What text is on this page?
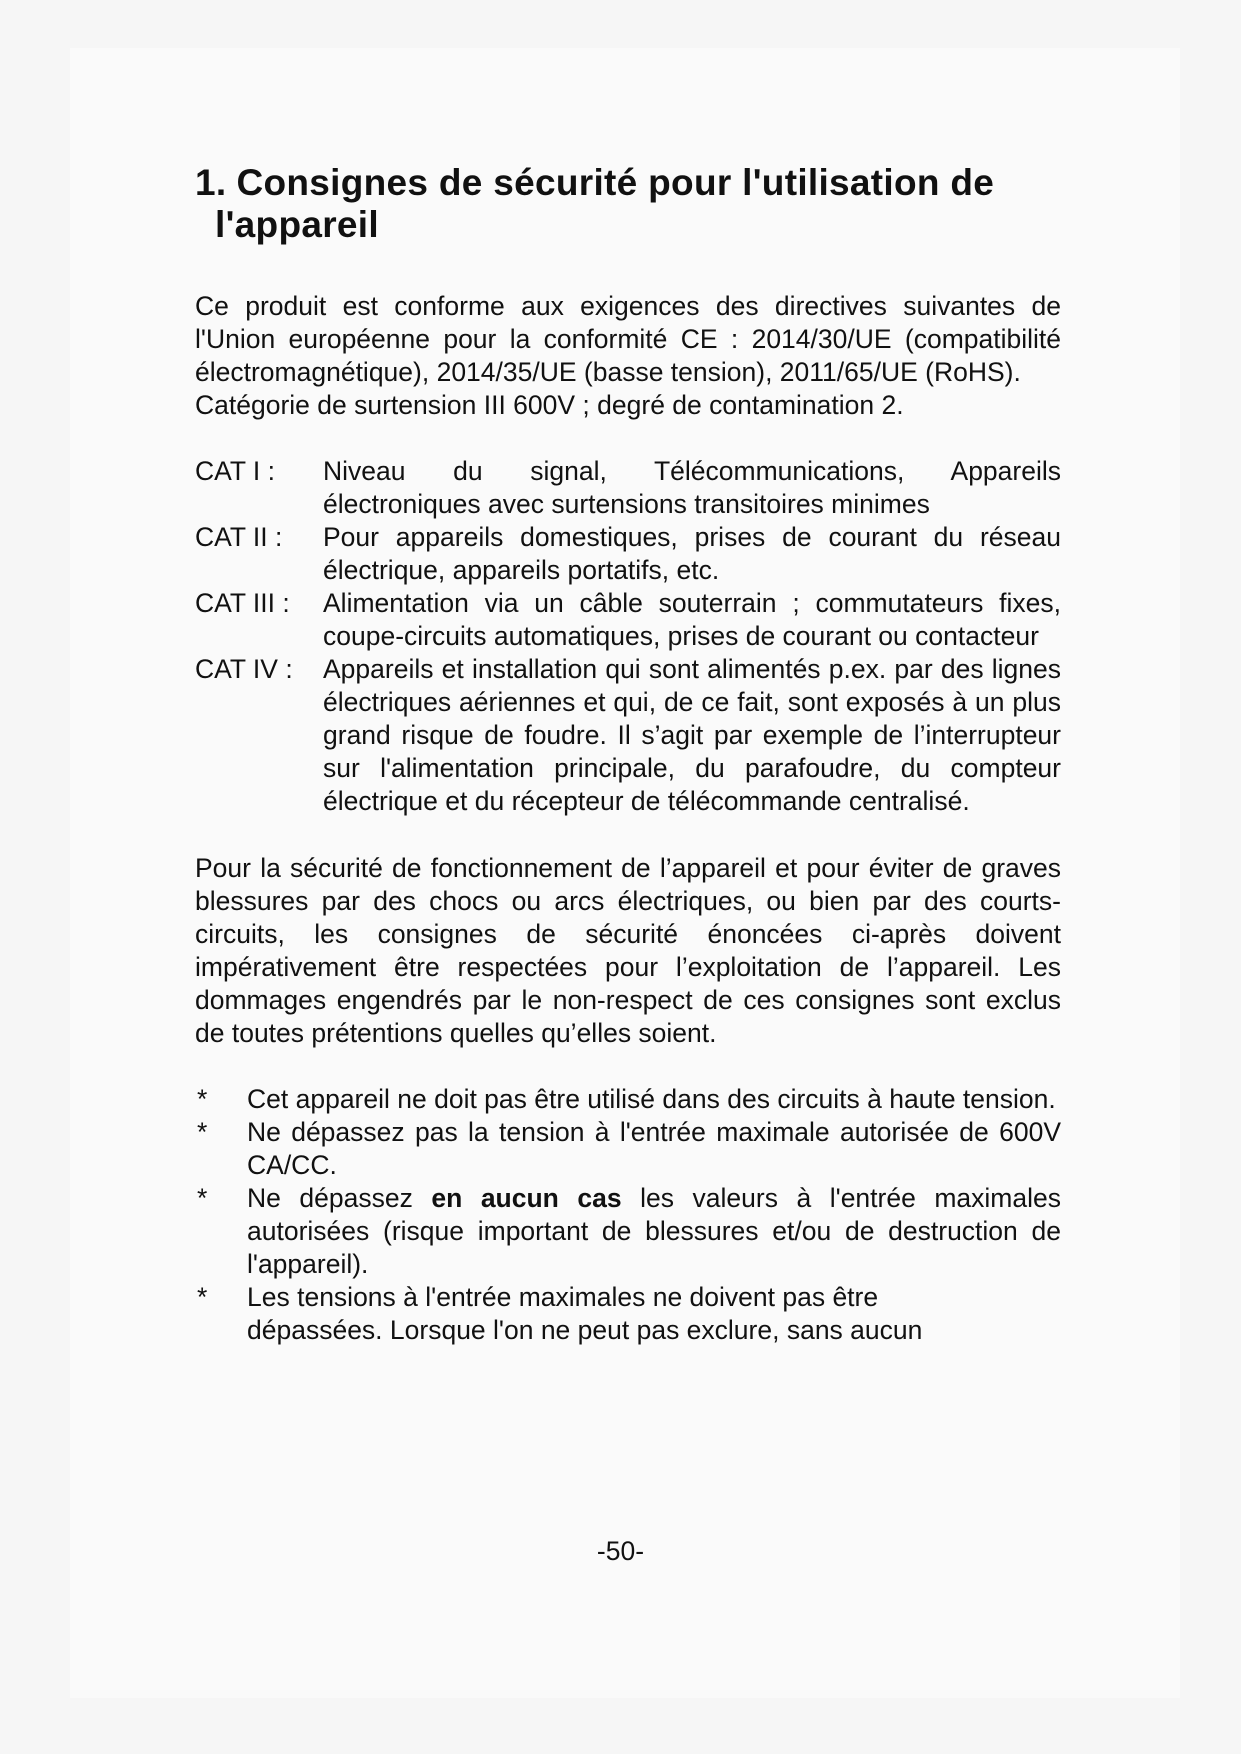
1. Consignes de sécurité pour l'utilisation de
l'appareil

Ce produit est conforme aux exigences des directives suivantes de l'Union européenne pour la conformité CE : 2014/30/UE (compatibilité électromagnétique), 2014/35/UE (basse tension), 2011/65/UE (RoHS).

Catégorie de surtension III 600V ; degré de contamination 2.

CAT I :	Niveau du signal, Télécommunications, Appareils électroniques avec surtensions transitoires minimes
CAT II :	Pour appareils domestiques, prises de courant du réseau électrique, appareils portatifs, etc.
CAT III :	Alimentation via un câble souterrain ; commutateurs fixes, coupe-circuits automatiques, prises de courant ou contacteur
CAT IV :	Appareils et installation qui sont alimentés p.ex. par des lignes électriques aériennes et qui, de ce fait, sont exposés à un plus grand risque de foudre. Il s’agit par exemple de l’interrupteur sur l'alimentation principale, du parafoudre, du compteur électrique et du récepteur de télécommande centralisé.

Pour la sécurité de fonctionnement de l’appareil et pour éviter de graves blessures par des chocs ou arcs électriques, ou bien par des courts-circuits, les consignes de sécurité énoncées ci-après doivent impérativement être respectées pour l’exploitation de l’appareil. Les dommages engendrés par le non-respect de ces consignes sont exclus de toutes prétentions quelles qu’elles soient.

*	Cet appareil ne doit pas être utilisé dans des circuits à haute tension.
*	Ne dépassez pas la tension à l'entrée maximale autorisée de 600V CA/CC.
*	Ne dépassez en aucun cas les valeurs à l'entrée maximales autorisées (risque important de blessures et/ou de destruction de l'appareil).
*	Les tensions à l'entrée maximales ne doivent pas être
dépassées. Lorsque l'on ne peut pas exclure, sans aucun
-50-
